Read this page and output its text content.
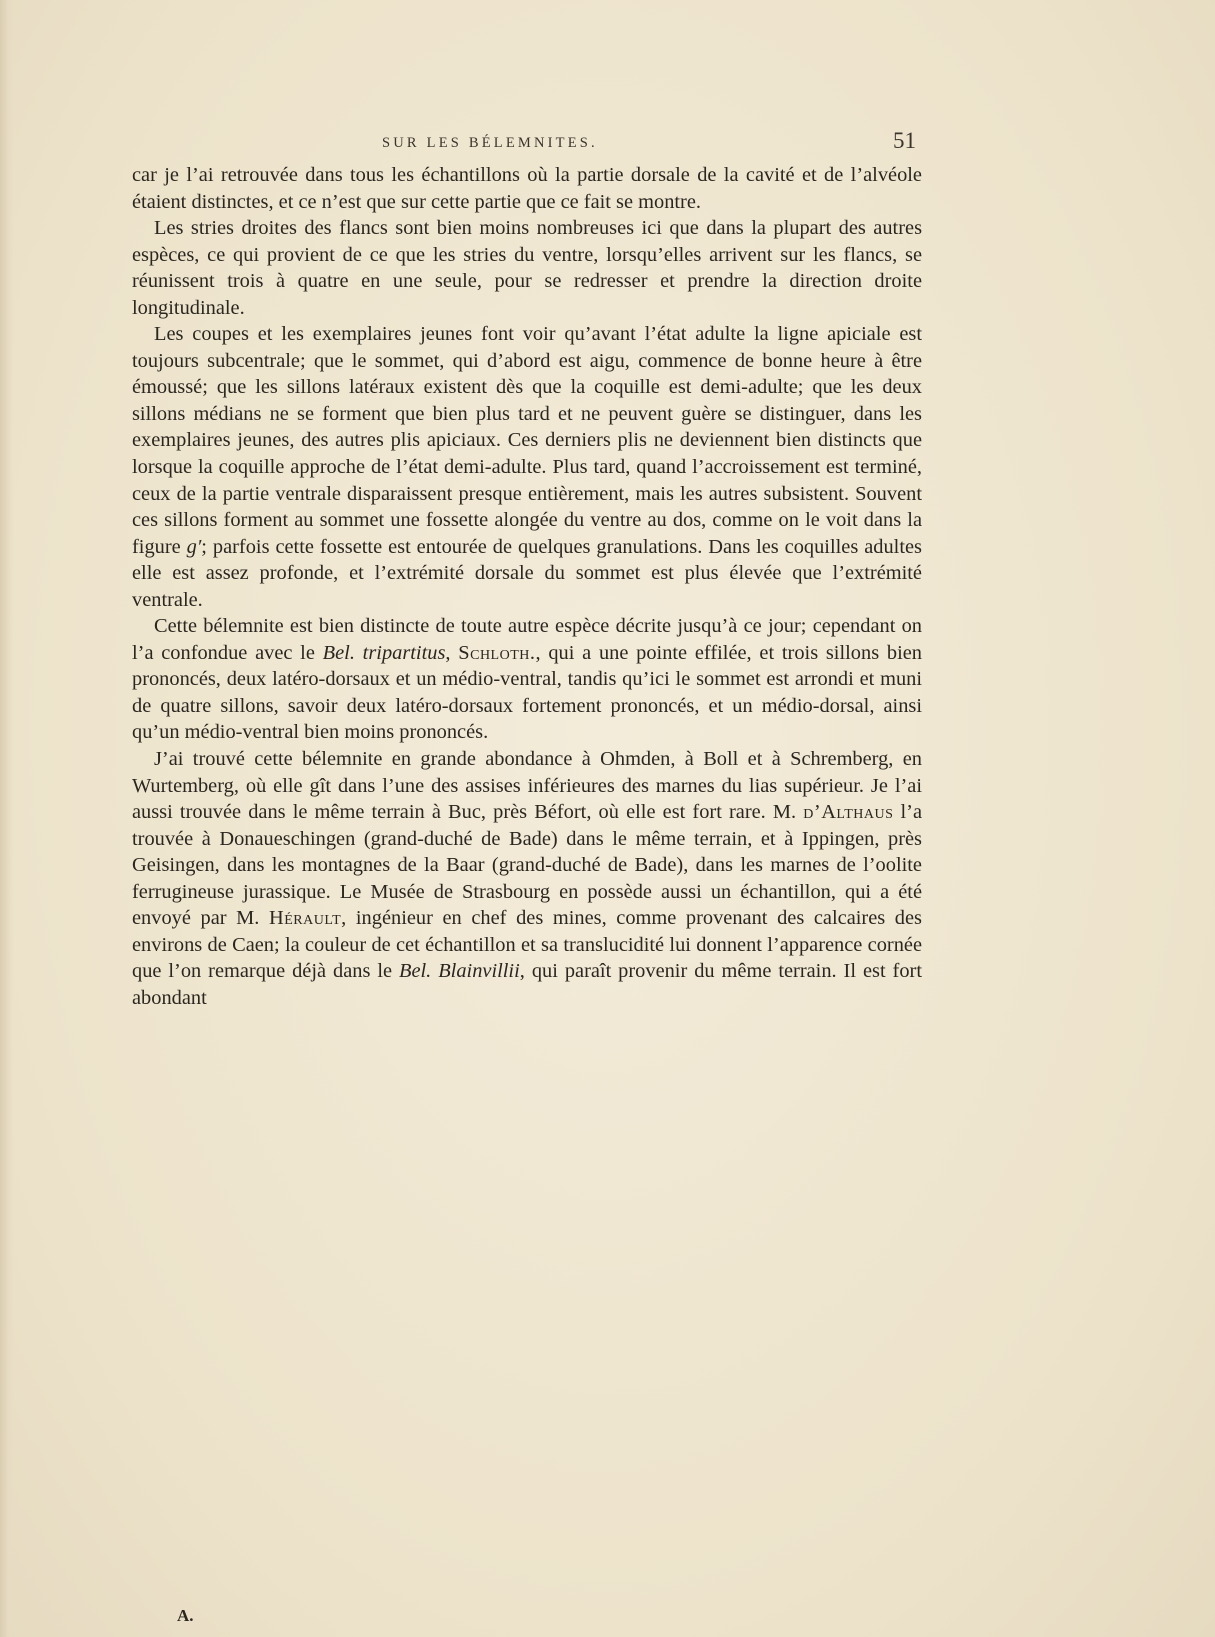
SUR LES BÉLEMNITES.	51

car je l’ai retrouvée dans tous les échantillons où la partie dorsale de la cavité et de l’alvéole étaient distinctes, et ce n’est que sur cette partie que ce fait se montre.

Les stries droites des flancs sont bien moins nombreuses ici que dans la plupart des autres espèces, ce qui provient de ce que les stries du ventre, lorsqu’elles arrivent sur les flancs, se réunissent trois à quatre en une seule, pour se redresser et prendre la direction droite longitudinale.

Les coupes et les exemplaires jeunes font voir qu’avant l’état adulte la ligne apiciale est toujours subcentrale; que le sommet, qui d’abord est aigu, commence de bonne heure à être émoussé; que les sillons latéraux existent dès que la coquille est demi-adulte; que les deux sillons médians ne se forment que bien plus tard et ne peuvent guère se distinguer, dans les exemplaires jeunes, des autres plis apiciaux. Ces derniers plis ne deviennent bien distincts que lorsque la coquille approche de l’état demi-adulte. Plus tard, quand l’accroissement est terminé, ceux de la partie ventrale disparaissent presque entièrement, mais les autres subsistent. Souvent ces sillons forment au sommet une fossette alongée du ventre au dos, comme on le voit dans la figure g′; parfois cette fossette est entourée de quelques granulations. Dans les coquilles adultes elle est assez profonde, et l’extrémité dorsale du sommet est plus élevée que l’extrémité ventrale.

Cette bélemnite est bien distincte de toute autre espèce décrite jusqu’à ce jour; cependant on l’a confondue avec le Bel. tripartitus, Schloth., qui a une pointe effilée, et trois sillons bien prononcés, deux latéro-dorsaux et un médio-ventral, tandis qu’ici le sommet est arrondi et muni de quatre sillons, savoir deux latéro-dorsaux fortement prononcés, et un médio-dorsal, ainsi qu’un médio-ventral bien moins prononcés.

J’ai trouvé cette bélemnite en grande abondance à Ohmden, à Boll et à Schremberg, en Wurtemberg, où elle gît dans l’une des assises inférieures des marnes du lias supérieur. Je l’ai aussi trouvée dans le même terrain à Buc, près Béfort, où elle est fort rare. M. d’Althaus l’a trouvée à Donaueschingen (grand-duché de Bade) dans le même terrain, et à Ippingen, près Geisingen, dans les montagnes de la Baar (grand-duché de Bade), dans les marnes de l’oolite ferrugineuse jurassique. Le Musée de Strasbourg en possède aussi un échantillon, qui a été envoyé par M. Hérault, ingénieur en chef des mines, comme provenant des calcaires des environs de Caen; la couleur de cet échantillon et sa translucidité lui donnent l’apparence cornée que l’on remarque déjà dans le Bel. Blainvillii, qui paraît provenir du même terrain. Il est fort abondant

A.
